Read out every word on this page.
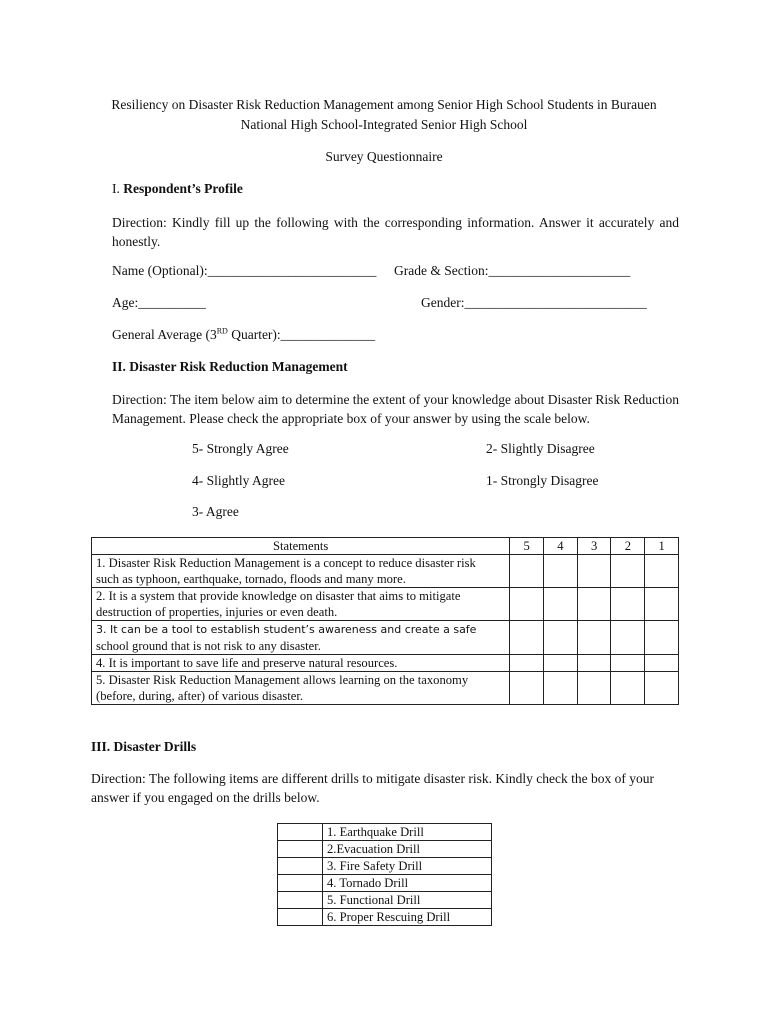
Resiliency on Disaster Risk Reduction Management among Senior High School Students in Burauen

National High School-Integrated Senior High School

Survey Questionnaire

I. Respondent’s Profile

Direction: Kindly fill up the following with the corresponding information. Answer it accurately and honestly.

Name (Optional):_________________________ Grade & Section:_____________________

Age:__________	Gender:___________________________

General Average (3RD Quarter):______________

II. Disaster Risk Reduction Management

Direction: The item below aim to determine the extent of your knowledge about Disaster Risk Reduction Management. Please check the appropriate box of your answer by using the scale below.

5- Strongly Agree	2- Slightly Disagree

4- Slightly Agree	1- Strongly Disagree

3- Agree

Statements	5	4	3	2	1
1. Disaster Risk Reduction Management is a concept to reduce disaster risk
such as typhoon, earthquake, tornado, floods and many more.					
2. It is a system that provide knowledge on disaster that aims to mitigate
destruction of properties, injuries or even death.					
3. It can be a tool to establish student’s awareness and create a safe
school ground that is not risk to any disaster.					
4. It is important to save life and preserve natural resources.					
5. Disaster Risk Reduction Management allows learning on the taxonomy
(before, during, after) of various disaster.					

III. Disaster Drills

Direction: The following items are different drills to mitigate disaster risk. Kindly check the box of your

answer if you engaged on the drills below.

	1. Earthquake Drill
	2.Evacuation Drill
	3. Fire Safety Drill
	4. Tornado Drill
	5. Functional Drill
	6. Proper Rescuing Drill
